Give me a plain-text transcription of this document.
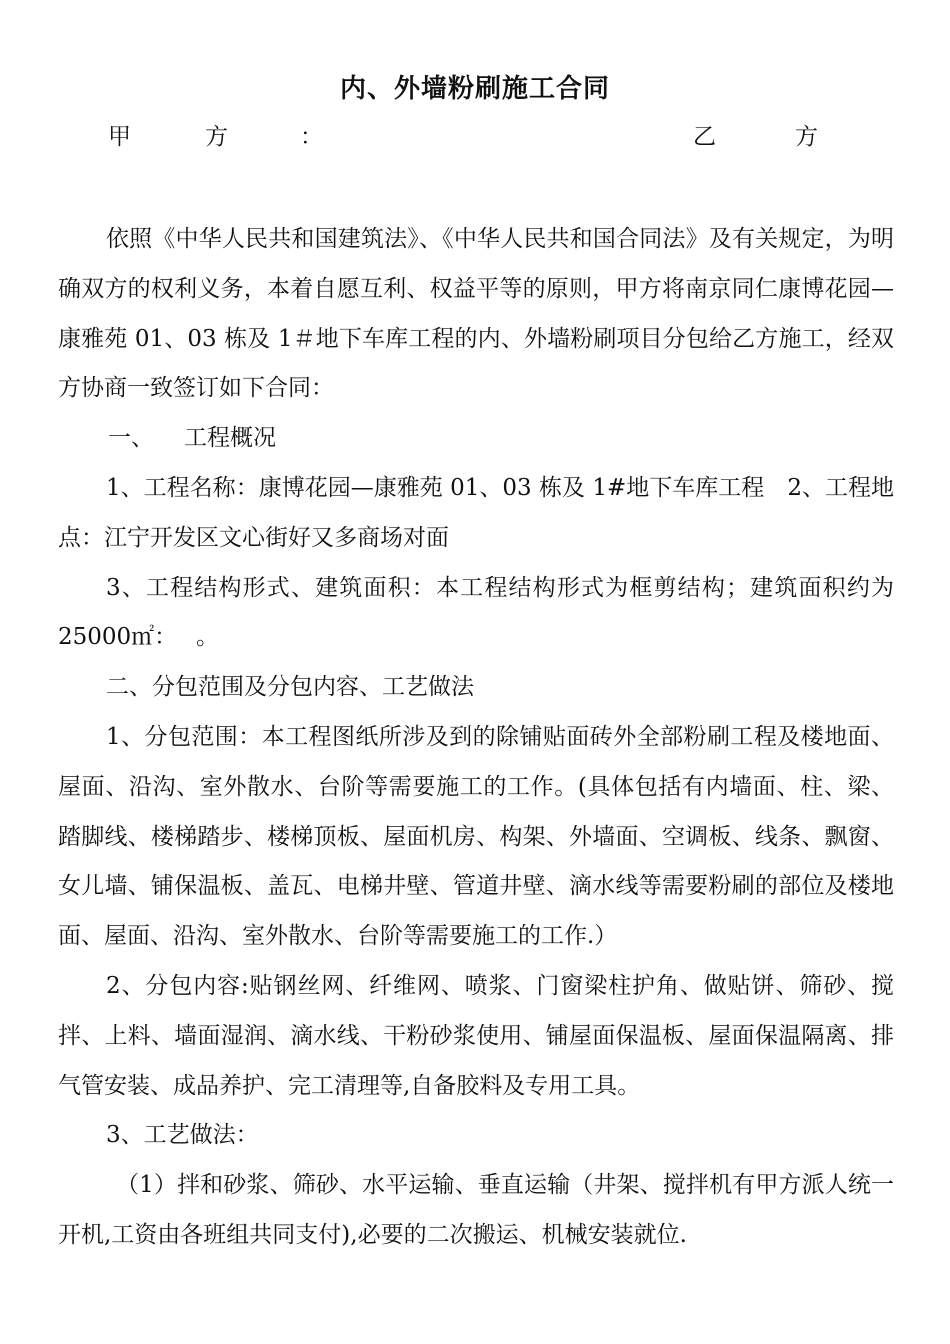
内、外墙粉刷施工合同
甲	方	：	乙	方

依照《中华人民共和国建筑法》、《中华人民共和国合同法》及有关规定，为明确双方的权利义务，本着自愿互利、权益平等的原则，甲方将南京同仁康博花园—康雅苑 01、03 栋及 1＃地下车库工程的内、外墙粉刷项目分包给乙方施工，经双方协商一致签订如下合同：

一、 工程概况

1、工程名称：康博花园—康雅苑 01、03 栋及 1#地下车库工程　2、工程地点：江宁开发区文心街好又多商场对面

3、工程结构形式、建筑面积：本工程结构形式为框剪结构；建筑面积约为25000㎡：　 。

二、分包范围及分包内容、工艺做法

1、分包范围：本工程图纸所涉及到的除铺贴面砖外全部粉刷工程及楼地面、屋面、沿沟、室外散水、台阶等需要施工的工作。(具体包括有内墙面、柱、梁、踏脚线、楼梯踏步、楼梯顶板、屋面机房、构架、外墙面、空调板、线条、飘窗、女儿墙、铺保温板、盖瓦、电梯井壁、管道井壁、滴水线等需要粉刷的部位及楼地面、屋面、沿沟、室外散水、台阶等需要施工的工作.）

2、分包内容:贴钢丝网、纤维网、喷浆、门窗梁柱护角、做贴饼、筛砂、搅拌、上料、墙面湿润、滴水线、干粉砂浆使用、铺屋面保温板、屋面保温隔离、排气管安装、成品养护、完工清理等,自备胶料及专用工具。

3、工艺做法：

（1）拌和砂浆、筛砂、水平运输、垂直运输（井架、搅拌机有甲方派人统一开机,工资由各班组共同支付),必要的二次搬运、机械安装就位.
